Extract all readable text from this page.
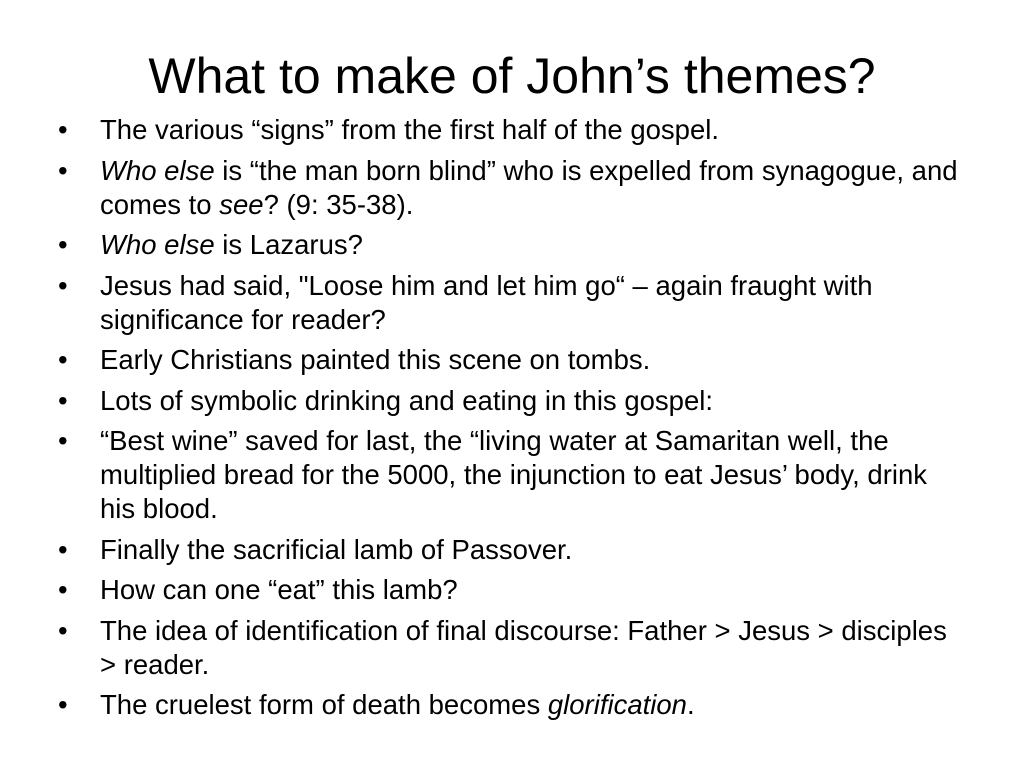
What to make of John’s themes?
• The various “signs” from the first half of the gospel.
• Who else is “the man born blind” who is expelled from synagogue, and comes to see? (9: 35-38).
• Who else is Lazarus?
• Jesus had said, "Loose him and let him go“ – again fraught with significance for reader?
• Early Christians painted this scene on tombs.
• Lots of symbolic drinking and eating in this gospel:
• “Best wine” saved for last, the “living water at Samaritan well, the multiplied bread for the 5000, the injunction to eat Jesus’ body, drink his blood.
• Finally the sacrificial lamb of Passover.
• How can one “eat” this lamb?
• The idea of identification of final discourse: Father > Jesus > disciples > reader.
• The cruelest form of death becomes glorification.
